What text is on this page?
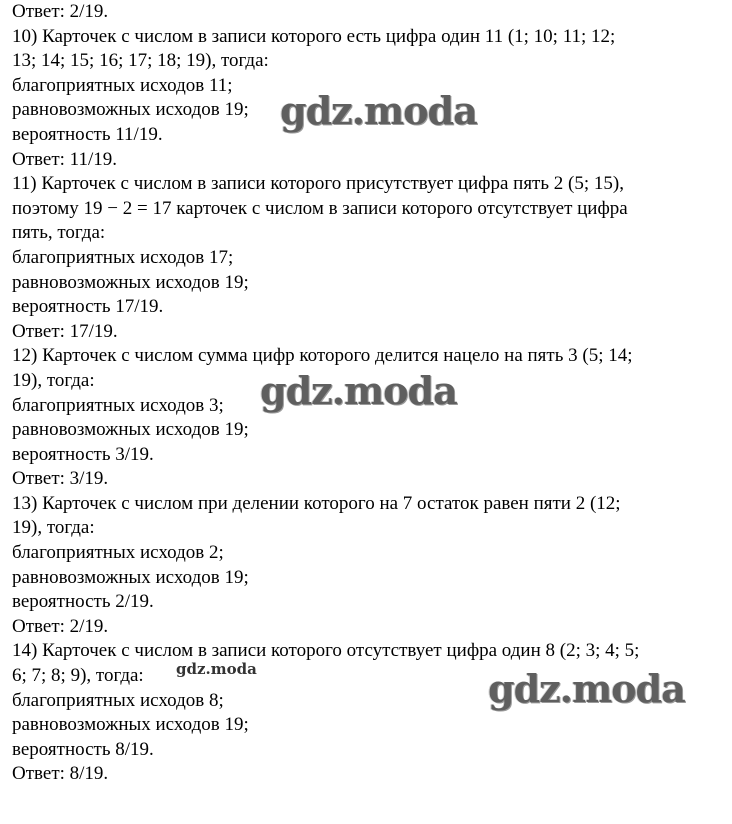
Ответ: 2/19.
10) Карточек с числом в записи которого есть цифра один 11 (1; 10; 11; 12;
13; 14; 15; 16; 17; 18; 19), тогда:
благоприятных исходов 11;
равновозможных исходов 19;
вероятность 11/19.
Ответ: 11/19.
11) Карточек с числом в записи которого присутствует цифра пять 2 (5; 15),
поэтому 19 − 2 = 17 карточек с числом в записи которого отсутствует цифра
пять, тогда:
благоприятных исходов 17;
равновозможных исходов 19;
вероятность 17/19.
Ответ: 17/19.
12) Карточек с числом сумма цифр которого делится нацело на пять 3 (5; 14;
19), тогда:
благоприятных исходов 3;
равновозможных исходов 19;
вероятность 3/19.
Ответ: 3/19.
13) Карточек с числом при делении которого на 7 остаток равен пяти 2 (12;
19), тогда:
благоприятных исходов 2;
равновозможных исходов 19;
вероятность 2/19.
Ответ: 2/19.
14) Карточек с числом в записи которого отсутствует цифра один 8 (2; 3; 4; 5;
6; 7; 8; 9), тогда:
благоприятных исходов 8;
равновозможных исходов 19;
вероятность 8/19.
Ответ: 8/19.
gdz.moda
gdz.moda
gdz.moda	gdz.moda
